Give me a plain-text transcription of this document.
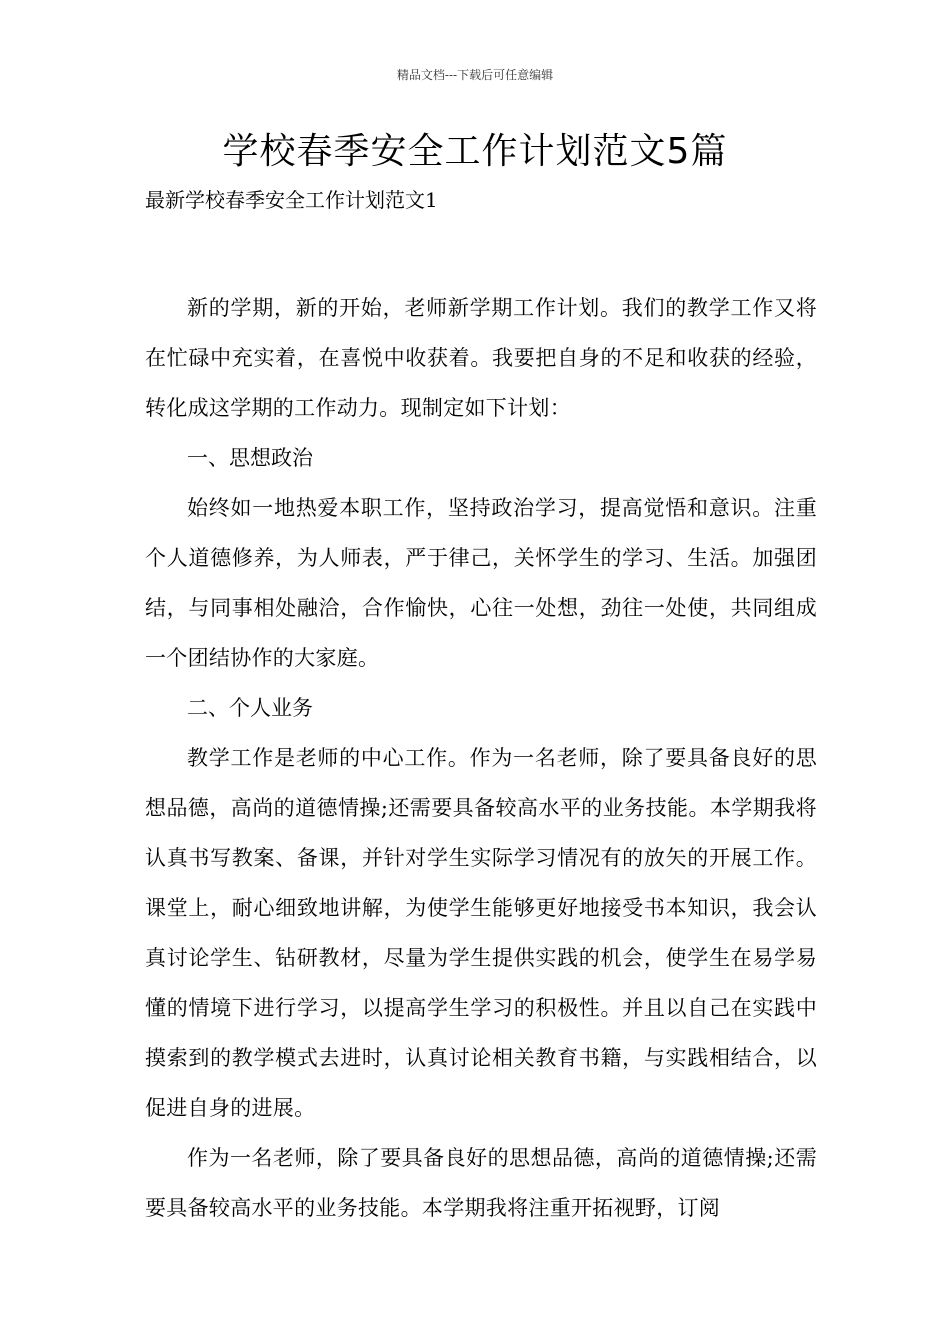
精品文档---下载后可任意编辑
学校春季安全工作计划范文5篇
最新学校春季安全工作计划范文1

新的学期，新的开始，老师新学期工作计划。我们的教学工作又将在忙碌中充实着，在喜悦中收获着。我要把自身的不足和收获的经验，转化成这学期的工作动力。现制定如下计划：

一、思想政治

始终如一地热爱本职工作，坚持政治学习，提高觉悟和意识。注重个人道德修养，为人师表，严于律己，关怀学生的学习、生活。加强团结，与同事相处融洽，合作愉快，心往一处想，劲往一处使，共同组成一个团结协作的大家庭。

二、个人业务

教学工作是老师的中心工作。作为一名老师，除了要具备良好的思想品德，高尚的道德情操;还需要具备较高水平的业务技能。本学期我将认真书写教案、备课，并针对学生实际学习情况有的放矢的开展工作。课堂上，耐心细致地讲解，为使学生能够更好地接受书本知识，我会认真讨论学生、钻研教材，尽量为学生提供实践的机会，使学生在易学易懂的情境下进行学习，以提高学生学习的积极性。并且以自己在实践中摸索到的教学模式去进时，认真讨论相关教育书籍，与实践相结合，以促进自身的进展。

作为一名老师，除了要具备良好的思想品德，高尚的道德情操;还需要具备较高水平的业务技能。本学期我将注重开拓视野，订阅
